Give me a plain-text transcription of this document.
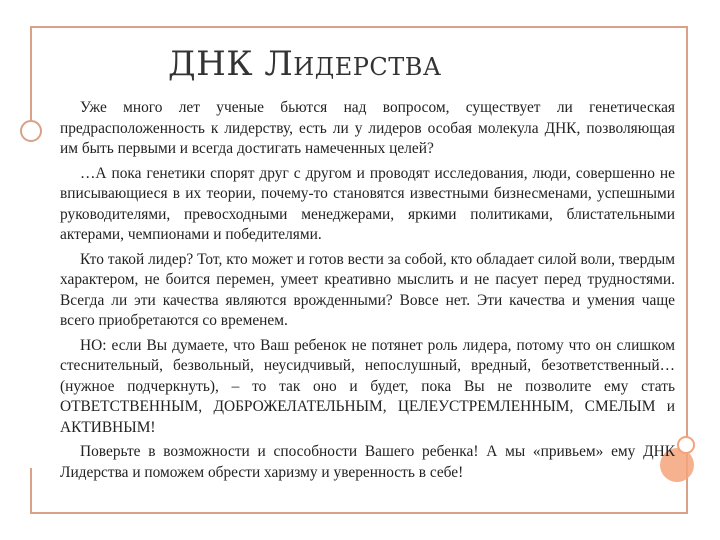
ДНК ЛИДЕРСТВА

Уже много лет ученые бьются над вопросом, существует ли генетическая предрасположенность к лидерству, есть ли у лидеров особая молекула ДНК, позволяющая им быть первыми и всегда достигать намеченных целей?

…А пока генетики спорят друг с другом и проводят исследования, люди, совершенно не вписывающиеся в их теории, почему-то становятся известными бизнесменами, успешными руководителями, превосходными менеджерами, яркими политиками, блистательными актерами, чемпионами и победителями.

Кто такой лидер? Тот, кто может и готов вести за собой, кто обладает силой воли, твердым характером, не боится перемен, умеет креативно мыслить и не пасует перед трудностями. Всегда ли эти качества являются врожденными? Вовсе нет. Эти качества и умения чаще всего приобретаются со временем.

НО: если Вы думаете, что Ваш ребенок не потянет роль лидера, потому что он слишком стеснительный, безвольный, неусидчивый, непослушный, вредный, безответственный… (нужное подчеркнуть), – то так оно и будет, пока Вы не позволите ему стать ОТВЕТСТВЕННЫМ, ДОБРОЖЕЛАТЕЛЬНЫМ, ЦЕЛЕУСТРЕМЛЕННЫМ, СМЕЛЫМ и АКТИВНЫМ!

Поверьте в возможности и способности Вашего ребенка! А мы «привьем» ему ДНК Лидерства и поможем обрести харизму и уверенность в себе!
